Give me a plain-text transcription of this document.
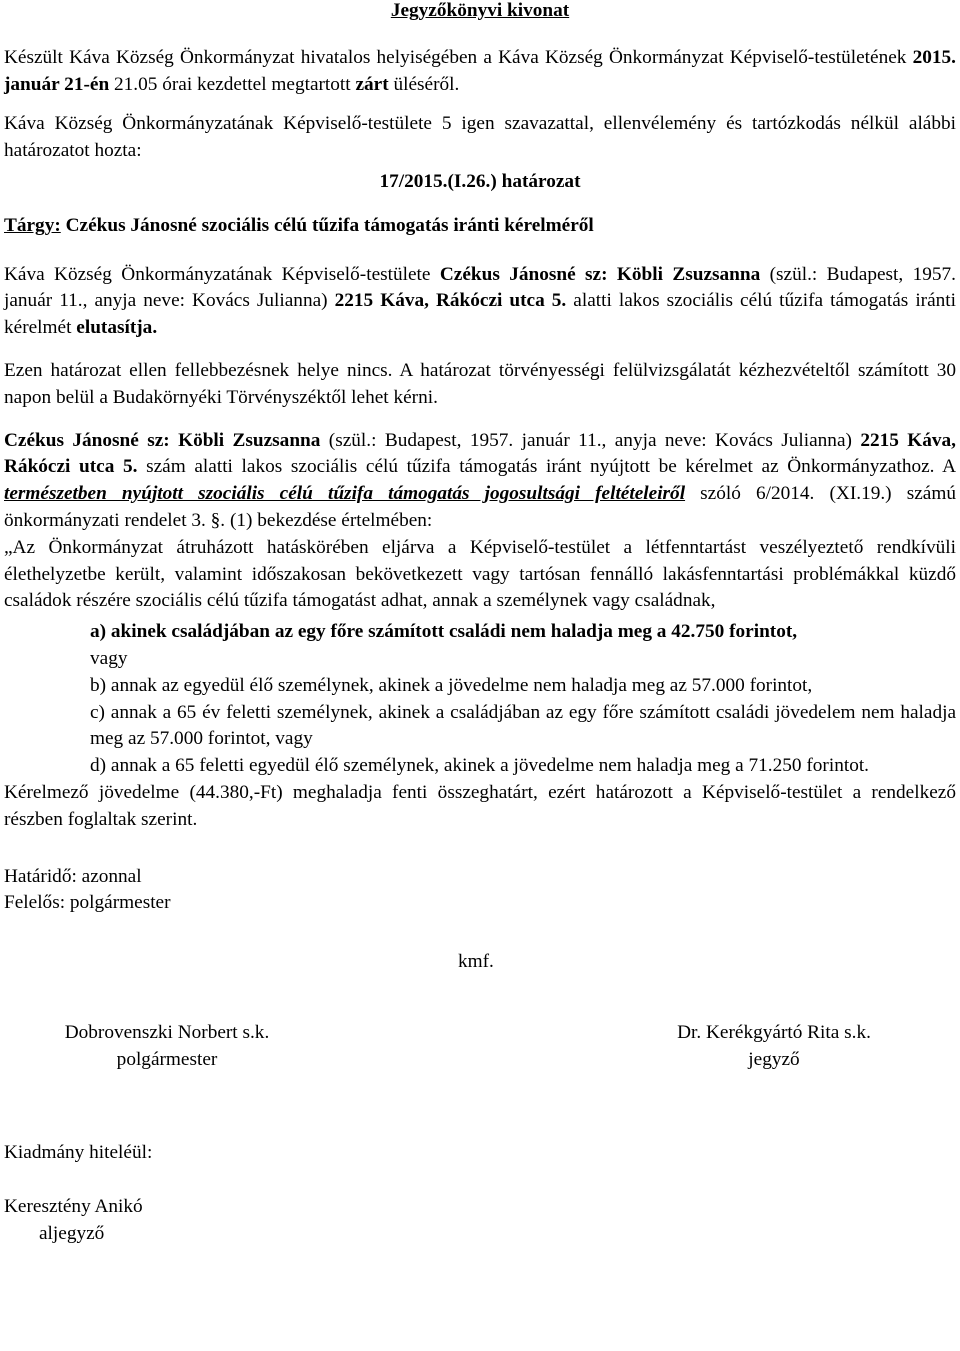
Jegyzőkönyvi kivonat

Készült Káva Község Önkormányzat hivatalos helyiségében a Káva Község Önkormányzat Képviselő-testületének 2015. január 21-én 21.05 órai kezdettel megtartott zárt üléséről.

Káva Község Önkormányzatának Képviselő-testülete 5 igen szavazattal, ellenvélemény és tartózkodás nélkül alábbi határozatot hozta:

17/2015.(I.26.) határozat

Tárgy: Czékus Jánosné szociális célú tűzifa támogatás iránti kérelméről

Káva Község Önkormányzatának Képviselő-testülete Czékus Jánosné sz: Köbli Zsuzsanna (szül.: Budapest, 1957. január 11., anyja neve: Kovács Julianna) 2215 Káva, Rákóczi utca 5. alatti lakos szociális célú tűzifa támogatás iránti kérelmét elutasítja.

Ezen határozat ellen fellebbezésnek helye nincs. A határozat törvényességi felülvizsgálatát kézhezvételtől számított 30 napon belül a Budakörnyéki Törvényszéktől lehet kérni.

Czékus Jánosné sz: Köbli Zsuzsanna (szül.: Budapest, 1957. január 11., anyja neve: Kovács Julianna) 2215 Káva, Rákóczi utca 5. szám alatti lakos szociális célú tűzifa támogatás iránt nyújtott be kérelmet az Önkormányzathoz. A természetben nyújtott szociális célú tűzifa támogatás jogosultsági feltételeiről szóló 6/2014. (XI.19.) számú önkormányzati rendelet 3. §. (1) bekezdése értelmében:

„Az Önkormányzat átruházott hatáskörében eljárva a Képviselő-testület a létfenntartást veszélyeztető rendkívüli élethelyzetbe került, valamint időszakosan bekövetkezett vagy tartósan fennálló lakásfenntartási problémákkal küzdő családok részére szociális célú tűzifa támogatást adhat, annak a személynek vagy családnak,

a) akinek családjában az egy főre számított családi nem haladja meg a 42.750 forintot,

vagy

b) annak az egyedül élő személynek, akinek a jövedelme nem haladja meg az 57.000 forintot,

c) annak a 65 év feletti személynek, akinek a családjában az egy főre számított családi jövedelem nem haladja meg az 57.000 forintot, vagy

d) annak a 65 feletti egyedül élő személynek, akinek a jövedelme nem haladja meg a 71.250 forintot.

Kérelmező jövedelme (44.380,-Ft) meghaladja fenti összeghatárt, ezért határozott a Képviselő-testület a rendelkező részben foglaltak szerint.

Határidő: azonnal

Felelős: polgármester

kmf.

Dobrovenszki Norbert s.k.

polgármester

Dr. Kerékgyártó Rita s.k.

jegyző

Kiadmány hiteléül:

Keresztény Anikó

aljegyző
